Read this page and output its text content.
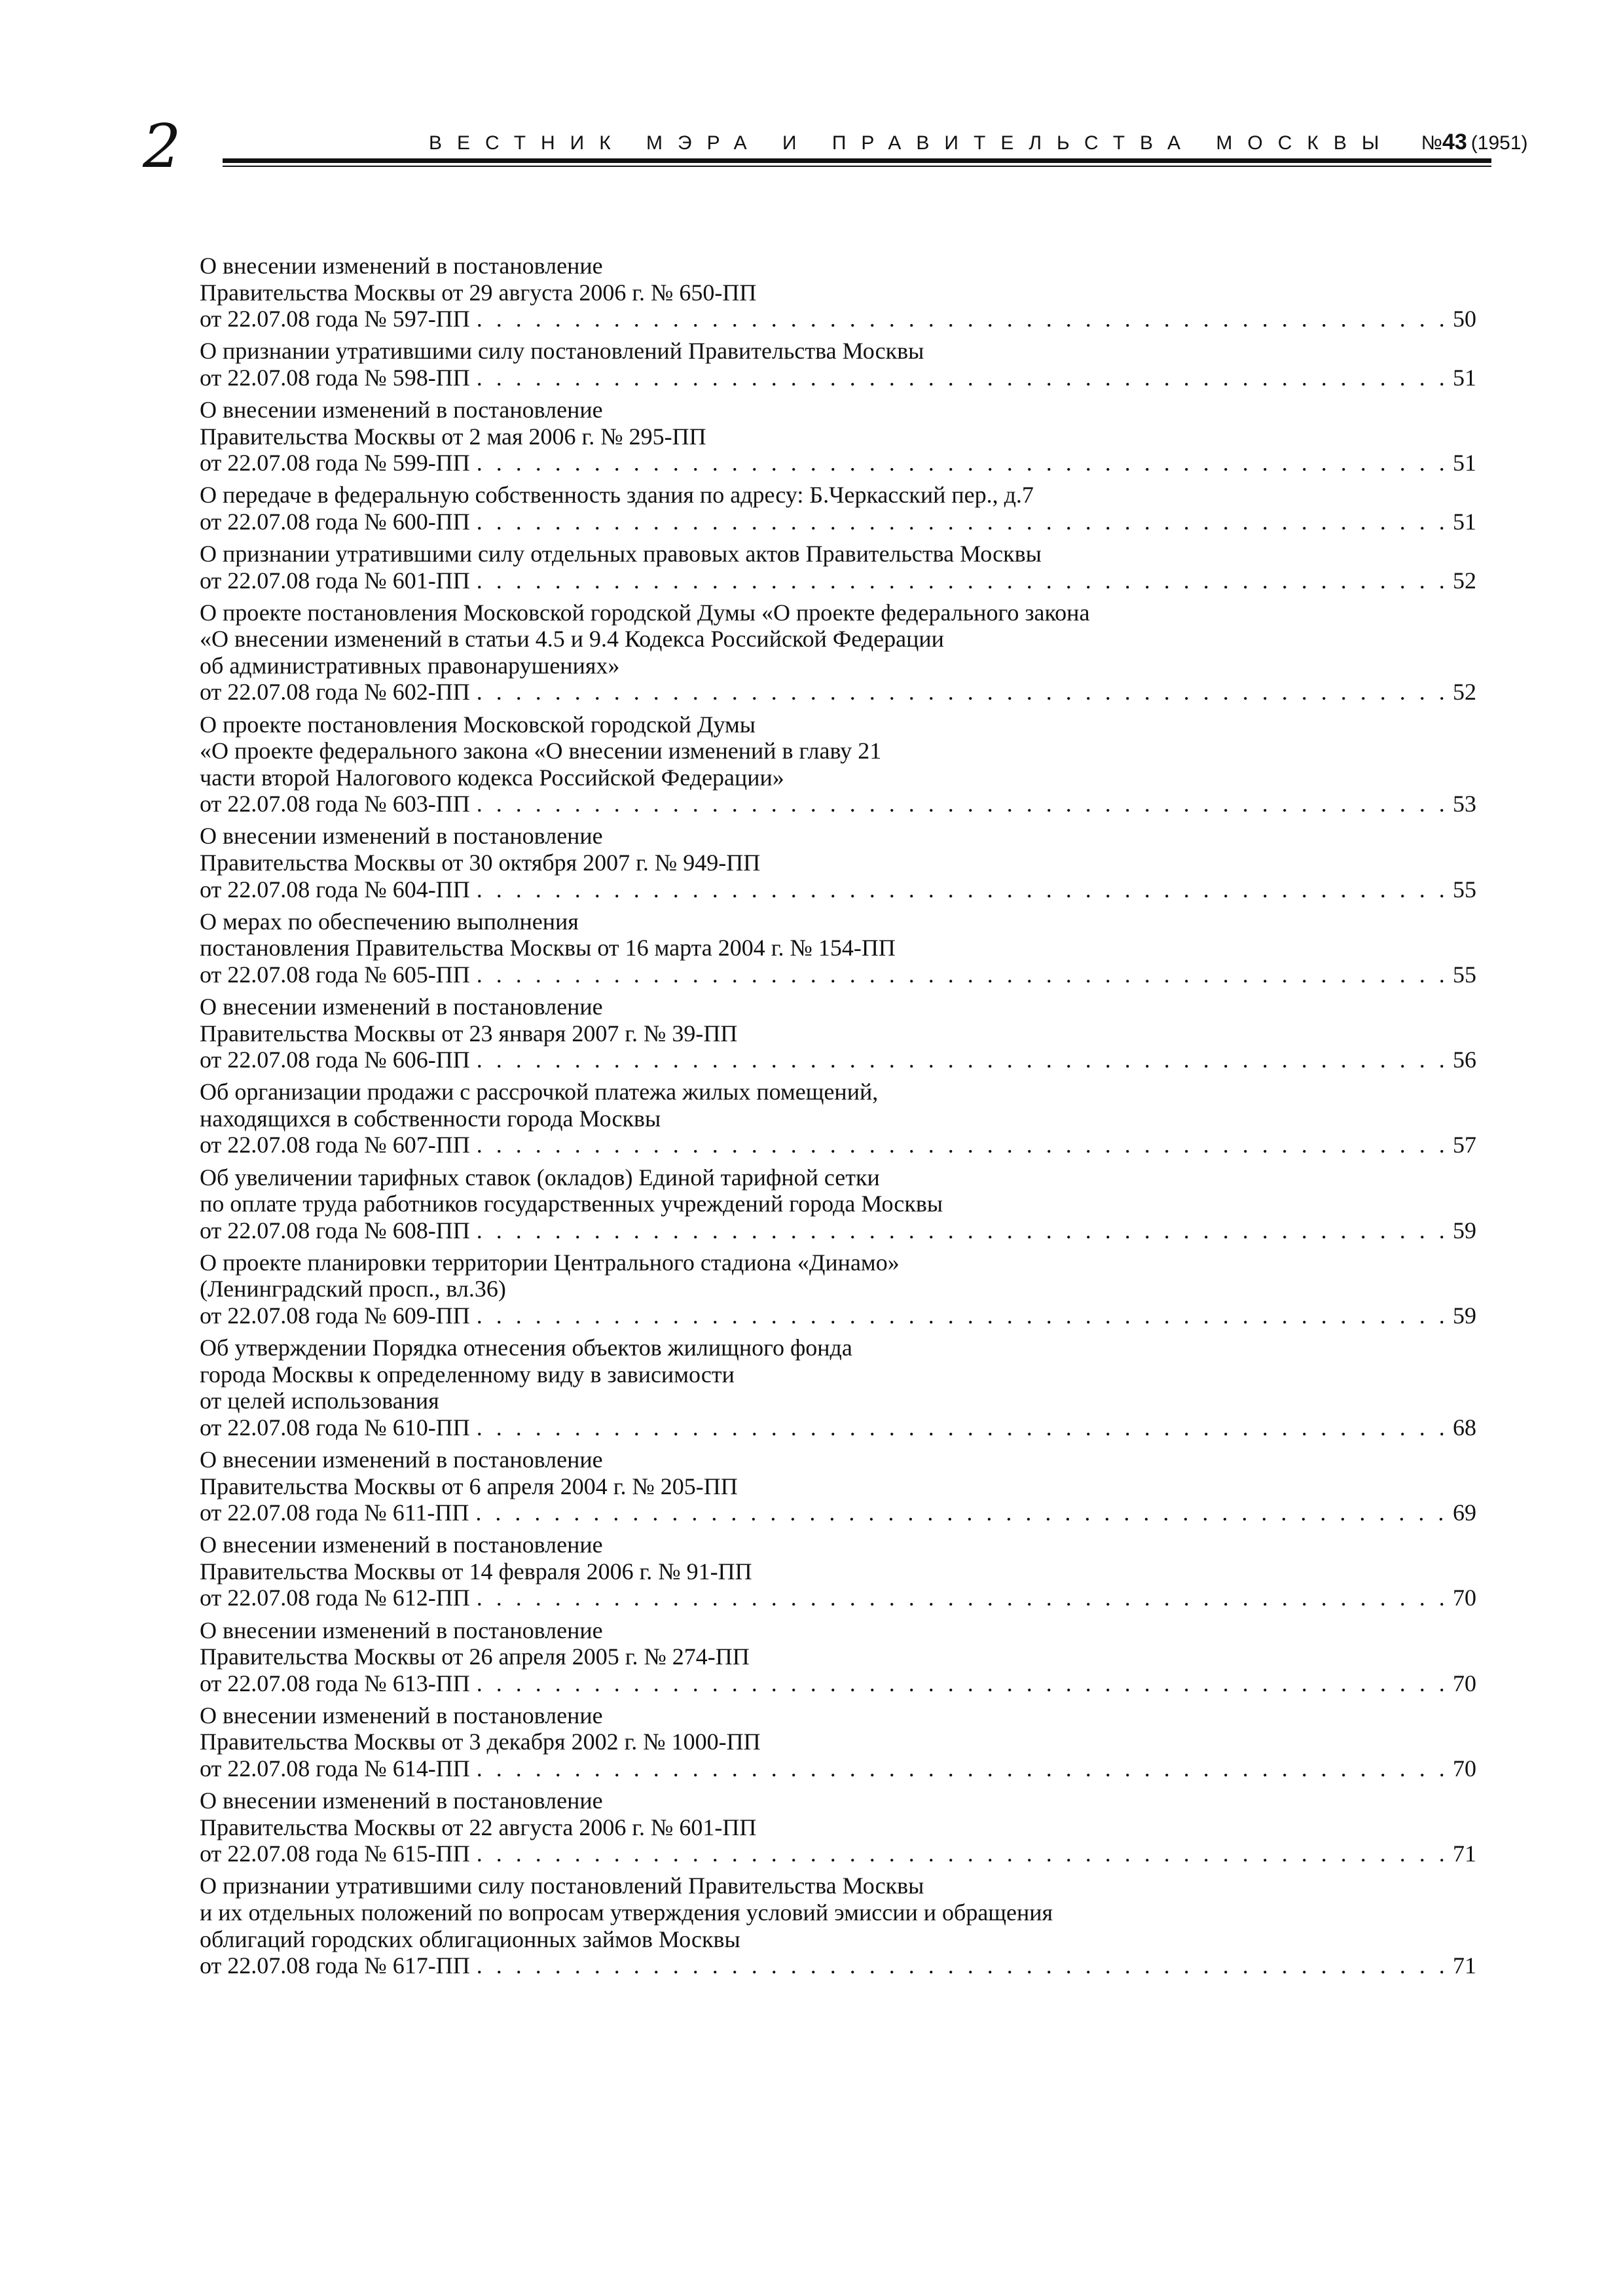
2	ВЕСТНИК МЭРА И ПРАВИТЕЛЬСТВА МОСКВЫ №43 (1951)
О внесении изменений в постановление
Правительства Москвы от 29 августа 2006 г. № 650-ПП
от 22.07.08 года № 597-ПП . . .	50
О признании утратившими силу постановлений Правительства Москвы
от 22.07.08 года № 598-ПП . . .	51
О внесении изменений в постановление
Правительства Москвы от 2 мая 2006 г. № 295-ПП
от 22.07.08 года № 599-ПП . . .	51
О передаче в федеральную собственность здания по адресу: Б.Черкасский пер., д.7
от 22.07.08 года № 600-ПП . . .	51
О признании утратившими силу отдельных правовых актов Правительства Москвы
от 22.07.08 года № 601-ПП . . .	52
О проекте постановления Московской городской Думы «О проекте федерального закона
«О внесении изменений в статьи 4.5 и 9.4 Кодекса Российской Федерации
об административных правонарушениях»
от 22.07.08 года № 602-ПП . . .	52
О проекте постановления Московской городской Думы
«О проекте федерального закона «О внесении изменений в главу 21
части второй Налогового кодекса Российской Федерации»
от 22.07.08 года № 603-ПП . . .	53
О внесении изменений в постановление
Правительства Москвы от 30 октября 2007 г. № 949-ПП
от 22.07.08 года № 604-ПП . . .	55
О мерах по обеспечению выполнения
постановления Правительства Москвы от 16 марта 2004 г. № 154-ПП
от 22.07.08 года № 605-ПП . . .	55
О внесении изменений в постановление
Правительства Москвы от 23 января 2007 г. № 39-ПП
от 22.07.08 года № 606-ПП . . .	56
Об организации продажи с рассрочкой платежа жилых помещений,
находящихся в собственности города Москвы
от 22.07.08 года № 607-ПП . . .	57
Об увеличении тарифных ставок (окладов) Единой тарифной сетки
по оплате труда работников государственных учреждений города Москвы
от 22.07.08 года № 608-ПП . . .	59
О проекте планировки территории Центрального стадиона «Динамо»
(Ленинградский просп., вл.36)
от 22.07.08 года № 609-ПП . . .	59
Об утверждении Порядка отнесения объектов жилищного фонда
города Москвы к определенному виду в зависимости
от целей использования
от 22.07.08 года № 610-ПП . . .	68
О внесении изменений в постановление
Правительства Москвы от 6 апреля 2004 г. № 205-ПП
от 22.07.08 года № 611-ПП . . .	69
О внесении изменений в постановление
Правительства Москвы от 14 февраля 2006 г. № 91-ПП
от 22.07.08 года № 612-ПП . . .	70
О внесении изменений в постановление
Правительства Москвы от 26 апреля 2005 г. № 274-ПП
от 22.07.08 года № 613-ПП . . .	70
О внесении изменений в постановление
Правительства Москвы от 3 декабря 2002 г. № 1000-ПП
от 22.07.08 года № 614-ПП . . .	70
О внесении изменений в постановление
Правительства Москвы от 22 августа 2006 г. № 601-ПП
от 22.07.08 года № 615-ПП . . .	71
О признании утратившими силу постановлений Правительства Москвы
и их отдельных положений по вопросам утверждения условий эмиссии и обращения
облигаций городских облигационных займов Москвы
от 22.07.08 года № 617-ПП . . .	71
